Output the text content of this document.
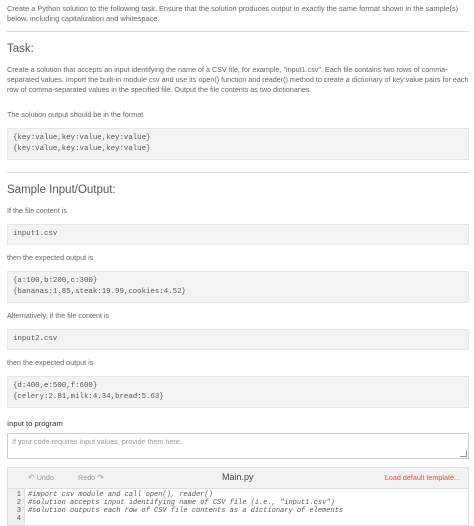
Create a Python solution to the following task. Ensure that the solution produces output in exactly the same format shown in the sample(s) below, including capitalization and whitespace.
Task:
Create a solution that accepts an input identifying the name of a CSV file, for example, "input1.csv". Each file contains two rows of comma-separated values. Import the built-in module csv and use its open() function and reader() method to create a dictionary of key:value pairs for each row of comma-separated values in the specified file. Output the file contents as two dictionaries.
The solution output should be in the format
{key:value,key:value,key:value}
{key:value,key:value,key:value}
Sample Input/Output:
If the file content is
input1.csv
then the expected output is
{a:100,b:200,c:300}
{bananas:1.85,steak:19.99,cookies:4.52}
Alternatively, if the file content is
input2.csv
then the expected output is
{d:400,e:500,f:600}
{celery:2.81,milk:4.34,bread:5.63}
Input to program
If your code requires input values, provide them here.
↶ Undo	Redo ↷	Main.py	Load default template...
1
2
3
4
#import csv module and call open(), reader()
#solution accepts input identifying name of CSV file (i.e., "input1.csv")
#solution outputs each row of CSV file contents as a dictionary of elements
